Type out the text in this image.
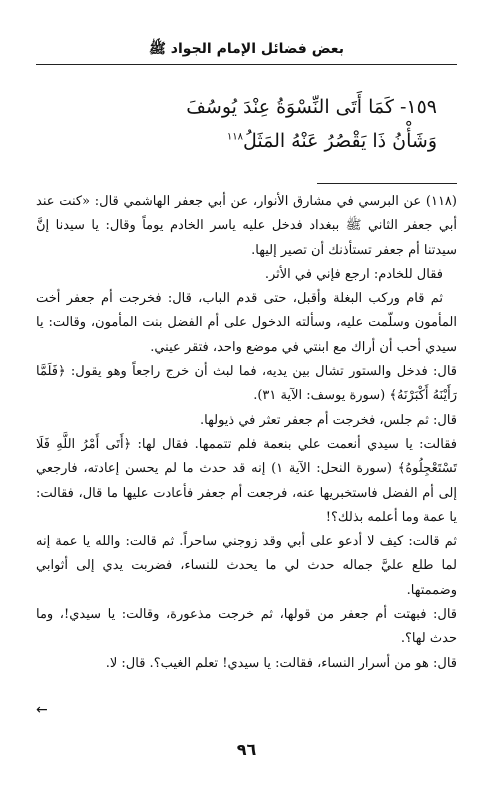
بعض فضائل الإمام الجواد ﷺ
١٥٩- كَمَا أَتَى النِّسْوَةُ عِنْدَ يُوسُفَ
وَشَأْنُ ذَا يَقْصُرُ عَنْهُ المَثَلُ$^{١١٨}$

(١١٨) عن البرسي في مشارق الأنوار، عن أبي جعفر الهاشمي قال: «كنت عند أبي جعفر الثاني ﷺ ببغداد فدخل عليه ياسر الخادم يوماً وقال: يا سيدنا إنَّ سيدتنا أم جعفر تستأذنك أن تصير إليها.

فقال للخادم: ارجع فإني في الأثر.

ثم قام وركب البغلة وأقبل، حتى قدم الباب، قال: فخرجت أم جعفر أخت المأمون وسلّمت عليه، وسألته الدخول على أم الفضل بنت المأمون، وقالت: يا سيدي أحب أن أراك مع ابنتي في موضع واحد، فتقر عيني.

قال: فدخل والستور تشال بين يديه، فما لبث أن خرج راجعاً وهو يقول: ﴿فَلَمَّا رَأَيْنَهُ أَكْبَرْنَهُ﴾ (سورة يوسف: الآية ٣١).

قال: ثم جلس، فخرجت أم جعفر تعثر في ذيولها.

فقالت: يا سيدي أنعمت علي بنعمة فلم تتممها. فقال لها: ﴿أَتَى أَمْرُ اللَّهِ فَلَا تَسْتَعْجِلُوهُ﴾ (سورة النحل: الآية ١) إنه قد حدث ما لم يحسن إعادته، فارجعي إلى أم الفضل فاستخبريها عنه، فرجعت أم جعفر فأعادت عليها ما قال، فقالت: يا عمة وما أعلمه بذلك؟!

ثم قالت: كيف لا أدعو على أبي وقد زوجني ساحراً. ثم قالت: والله يا عمة إنه لما طلع عليَّ جماله حدث لي ما يحدث للنساء، فضربت يدي إلى أثوابي وضممتها.

قال: فبهتت أم جعفر من قولها، ثم خرجت مذعورة، وقالت: يا سيدي!، وما حدث لها؟.

قال: هو من أسرار النساء، فقالت: يا سيدي! تعلم الغيب؟. قال: لا.

←
٩٦
